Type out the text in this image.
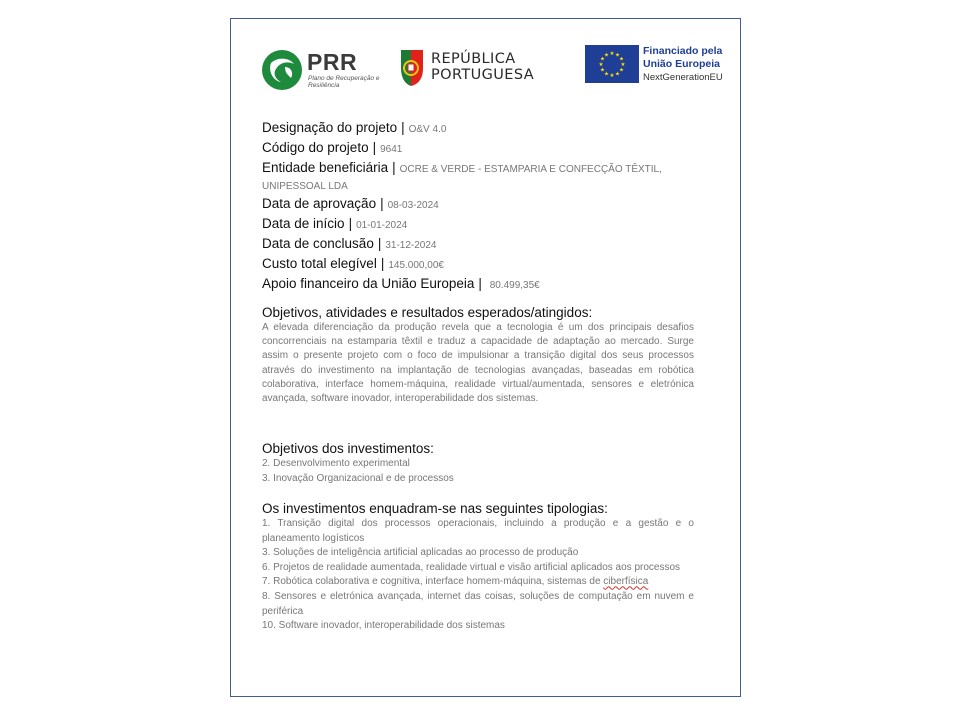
PRR
Plano de Recuperação e Resiliência
REPÚBLICA
PORTUGUESA
★ ★
★
★
★
★
★
★
★
★
★
★	Financiado pela
União Europeia
NextGenerationEU
Designação do projeto | O&V 4.0
Código do projeto | 9641
Entidade beneficiária | OCRE & VERDE - ESTAMPARIA E CONFECÇÃO TÊXTIL,
UNIPESSOAL LDA
Data de aprovação | 08-03-2024
Data de início | 01-01-2024
Data de conclusão | 31-12-2024
Custo total elegível | 145.000,00€
Apoio financeiro da União Europeia | 80.499,35€
Objetivos, atividades e resultados esperados/atingidos:

A elevada diferenciação da produção revela que a tecnologia é um dos principais desafios concorrenciais na estamparia têxtil e traduz a capacidade de adaptação ao mercado. Surge assim o presente projeto com o foco de impulsionar a transição digital dos seus processos através do investimento na implantação de tecnologias avançadas, baseadas em robótica colaborativa, interface homem-máquina, realidade virtual/aumentada, sensores e eletrónica avançada, software inovador, interoperabilidade dos sistemas.

Objetivos dos investimentos:
2. Desenvolvimento experimental
3. Inovação Organizacional e de processos
Os investimentos enquadram-se nas seguintes tipologias:
1. Transição digital dos processos operacionais, incluindo a produção e a gestão e o planeamento logísticos
3. Soluções de inteligência artificial aplicadas ao processo de produção
6. Projetos de realidade aumentada, realidade virtual e visão artificial aplicados aos processos
7. Robótica colaborativa e cognitiva, interface homem-máquina, sistemas de ciberfísica
8. Sensores e eletrónica avançada, internet das coisas, soluções de computação em nuvem e periférica
10. Software inovador, interoperabilidade dos sistemas
